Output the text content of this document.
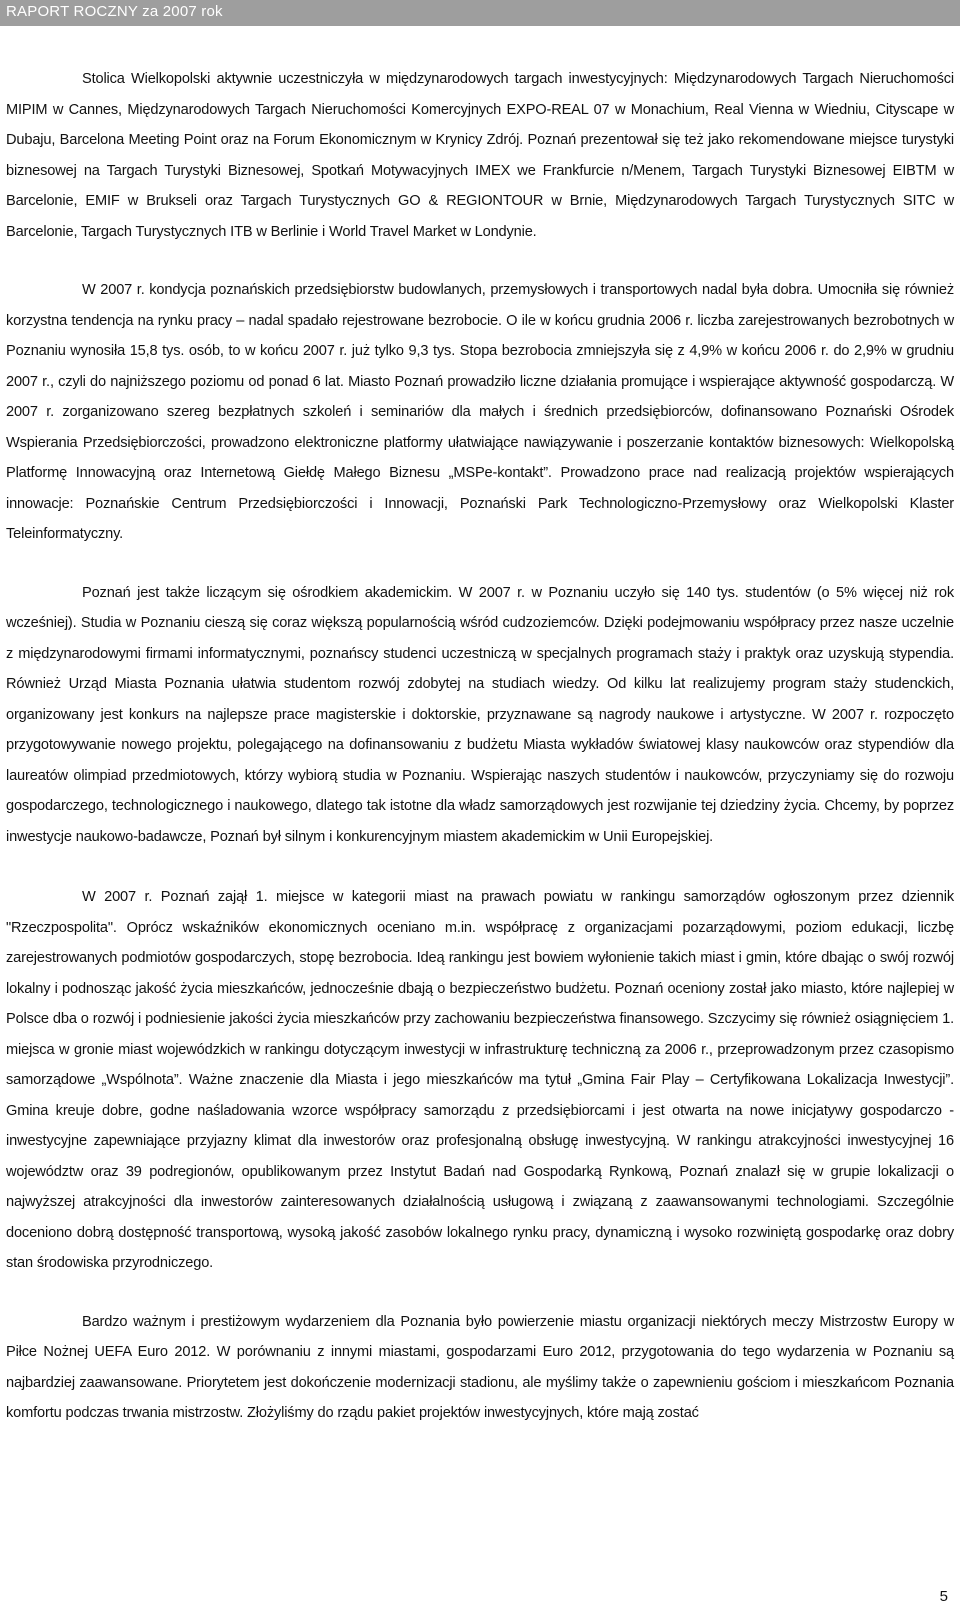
RAPORT ROCZNY za 2007 rok

Stolica Wielkopolski aktywnie uczestniczyła w międzynarodowych targach inwestycyjnych: Międzynarodowych Targach Nieruchomości MIPIM w Cannes, Międzynarodowych Targach Nieruchomości Komercyjnych EXPO-REAL 07 w Monachium, Real Vienna w Wiedniu, Cityscape w Dubaju, Barcelona Meeting Point oraz na Forum Ekonomicznym w Krynicy Zdrój. Poznań prezentował się też jako rekomendowane miejsce turystyki biznesowej na Targach Turystyki Biznesowej, Spotkań Motywacyjnych IMEX we Frankfurcie n/Menem, Targach Turystyki Biznesowej EIBTM w Barcelonie, EMIF w Brukseli oraz Targach Turystycznych GO & REGIONTOUR w Brnie, Międzynarodowych Targach Turystycznych SITC w Barcelonie, Targach Turystycznych ITB w Berlinie i World Travel Market w Londynie.

W 2007 r. kondycja poznańskich przedsiębiorstw budowlanych, przemysłowych i transportowych nadal była dobra. Umocniła się również korzystna tendencja na rynku pracy – nadal spadało rejestrowane bezrobocie. O ile w końcu grudnia 2006 r. liczba zarejestrowanych bezrobotnych w Poznaniu wynosiła 15,8 tys. osób, to w końcu 2007 r. już tylko 9,3 tys. Stopa bezrobocia zmniejszyła się z 4,9% w końcu 2006 r. do 2,9% w grudniu 2007 r., czyli do najniższego poziomu od ponad 6 lat. Miasto Poznań prowadziło liczne działania promujące i wspierające aktywność gospodarczą. W 2007 r. zorganizowano szereg bezpłatnych szkoleń i seminariów dla małych i średnich przedsiębiorców, dofinansowano Poznański Ośrodek Wspierania Przedsiębiorczości, prowadzono elektroniczne platformy ułatwiające nawiązywanie i poszerzanie kontaktów biznesowych: Wielkopolską Platformę Innowacyjną oraz Internetową Giełdę Małego Biznesu „MSPe-kontakt”. Prowadzono prace nad realizacją projektów wspierających innowacje: Poznańskie Centrum Przedsiębiorczości i Innowacji, Poznański Park Technologiczno-Przemysłowy oraz Wielkopolski Klaster Teleinformatyczny.

Poznań jest także liczącym się ośrodkiem akademickim. W 2007 r. w Poznaniu uczyło się 140 tys. studentów (o 5% więcej niż rok wcześniej). Studia w Poznaniu cieszą się coraz większą popularnością wśród cudzoziemców. Dzięki podejmowaniu współpracy przez nasze uczelnie z międzynarodowymi firmami informatycznymi, poznańscy studenci uczestniczą w specjalnych programach staży i praktyk oraz uzyskują stypendia. Również Urząd Miasta Poznania ułatwia studentom rozwój zdobytej na studiach wiedzy. Od kilku lat realizujemy program staży studenckich, organizowany jest konkurs na najlepsze prace magisterskie i doktorskie, przyznawane są nagrody naukowe i artystyczne. W 2007 r. rozpoczęto przygotowywanie nowego projektu, polegającego na dofinansowaniu z budżetu Miasta wykładów światowej klasy naukowców oraz stypendiów dla laureatów olimpiad przedmiotowych, którzy wybiorą studia w Poznaniu. Wspierając naszych studentów i naukowców, przyczyniamy się do rozwoju gospodarczego, technologicznego i naukowego, dlatego tak istotne dla władz samorządowych jest rozwijanie tej dziedziny życia. Chcemy, by poprzez inwestycje naukowo-badawcze, Poznań był silnym i konkurencyjnym miastem akademickim w Unii Europejskiej.

W 2007 r. Poznań zajął 1. miejsce w kategorii miast na prawach powiatu w rankingu samorządów ogłoszonym przez dziennik "Rzeczpospolita". Oprócz wskaźników ekonomicznych oceniano m.in. współpracę z organizacjami pozarządowymi, poziom edukacji, liczbę zarejestrowanych podmiotów gospodarczych, stopę bezrobocia. Ideą rankingu jest bowiem wyłonienie takich miast i gmin, które dbając o swój rozwój lokalny i podnosząc jakość życia mieszkańców, jednocześnie dbają o bezpieczeństwo budżetu. Poznań oceniony został jako miasto, które najlepiej w Polsce dba o rozwój i podniesienie jakości życia mieszkańców przy zachowaniu bezpieczeństwa finansowego. Szczycimy się również osiągnięciem 1. miejsca w gronie miast wojewódzkich w rankingu dotyczącym inwestycji w infrastrukturę techniczną za 2006 r., przeprowadzonym przez czasopismo samorządowe „Wspólnota”. Ważne znaczenie dla Miasta i jego mieszkańców ma tytuł „Gmina Fair Play – Certyfikowana Lokalizacja Inwestycji”. Gmina kreuje dobre, godne naśladowania wzorce współpracy samorządu z przedsiębiorcami i jest otwarta na nowe inicjatywy gospodarczo - inwestycyjne zapewniające przyjazny klimat dla inwestorów oraz profesjonalną obsługę inwestycyjną. W rankingu atrakcyjności inwestycyjnej 16 województw oraz 39 podregionów, opublikowanym przez Instytut Badań nad Gospodarką Rynkową, Poznań znalazł się w grupie lokalizacji o najwyższej atrakcyjności dla inwestorów zainteresowanych działalnością usługową i związaną z zaawansowanymi technologiami. Szczególnie doceniono dobrą dostępność transportową, wysoką jakość zasobów lokalnego rynku pracy, dynamiczną i wysoko rozwiniętą gospodarkę oraz dobry stan środowiska przyrodniczego.

Bardzo ważnym i prestiżowym wydarzeniem dla Poznania było powierzenie miastu organizacji niektórych meczy Mistrzostw Europy w Piłce Nożnej UEFA Euro 2012. W porównaniu z innymi miastami, gospodarzami Euro 2012, przygotowania do tego wydarzenia w Poznaniu są najbardziej zaawansowane. Priorytetem jest dokończenie modernizacji stadionu, ale myślimy także o zapewnieniu gościom i mieszkańcom Poznania komfortu podczas trwania mistrzostw. Złożyliśmy do rządu pakiet projektów inwestycyjnych, które mają zostać

5
